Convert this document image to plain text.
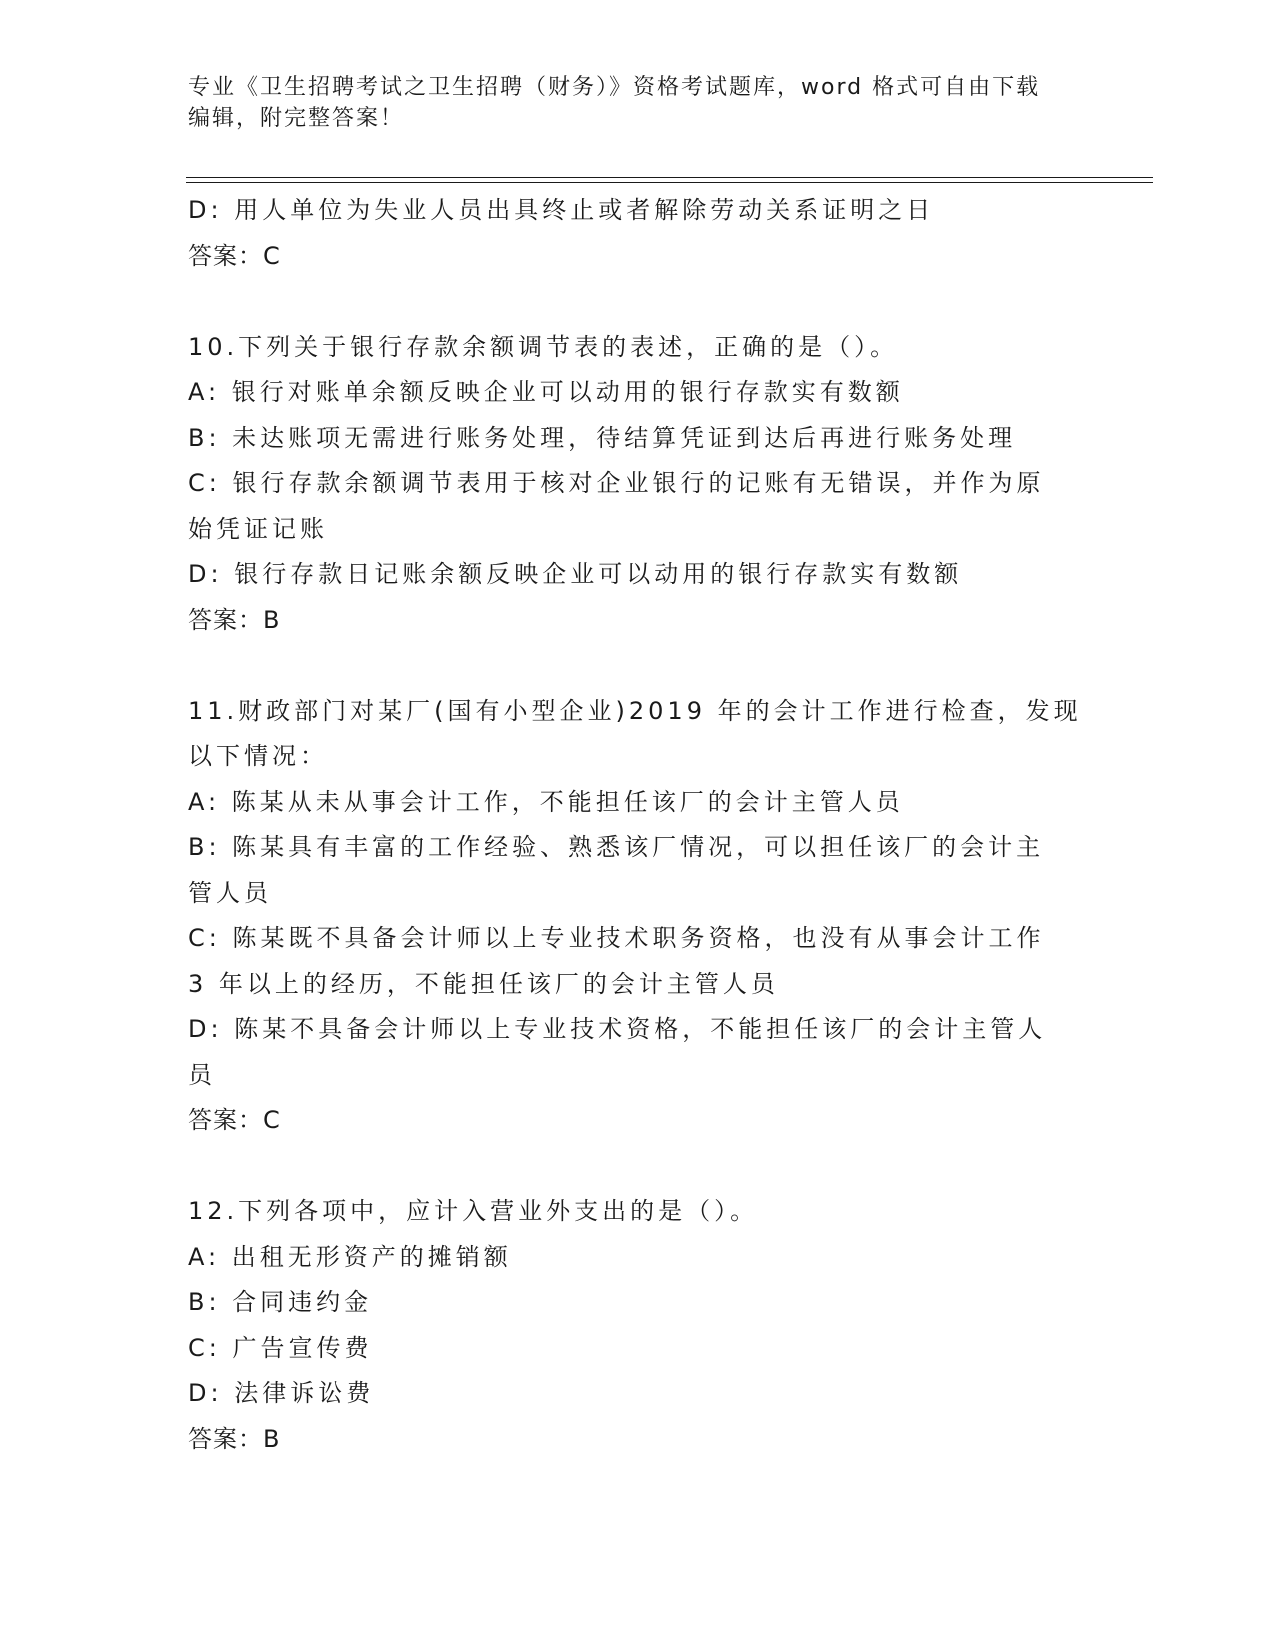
专业《卫生招聘考试之卫生招聘（财务）》资格考试题库，word 格式可自由下载
编辑，附完整答案！
D: 用人单位为失业人员出具终止或者解除劳动关系证明之日
答案：C
10.下列关于银行存款余额调节表的表述，正确的是（）。
A: 银行对账单余额反映企业可以动用的银行存款实有数额
B: 未达账项无需进行账务处理，待结算凭证到达后再进行账务处理
C: 银行存款余额调节表用于核对企业银行的记账有无错误，并作为原
始凭证记账
D: 银行存款日记账余额反映企业可以动用的银行存款实有数额
答案：B
11.财政部门对某厂(国有小型企业)2019 年的会计工作进行检查，发现
以下情况：
A: 陈某从未从事会计工作，不能担任该厂的会计主管人员
B: 陈某具有丰富的工作经验、熟悉该厂情况，可以担任该厂的会计主
管人员
C: 陈某既不具备会计师以上专业技术职务资格，也没有从事会计工作
3 年以上的经历，不能担任该厂的会计主管人员
D: 陈某不具备会计师以上专业技术资格，不能担任该厂的会计主管人
员
答案：C
12.下列各项中，应计入营业外支出的是（）。
A: 出租无形资产的摊销额
B: 合同违约金
C: 广告宣传费
D: 法律诉讼费
答案：B
